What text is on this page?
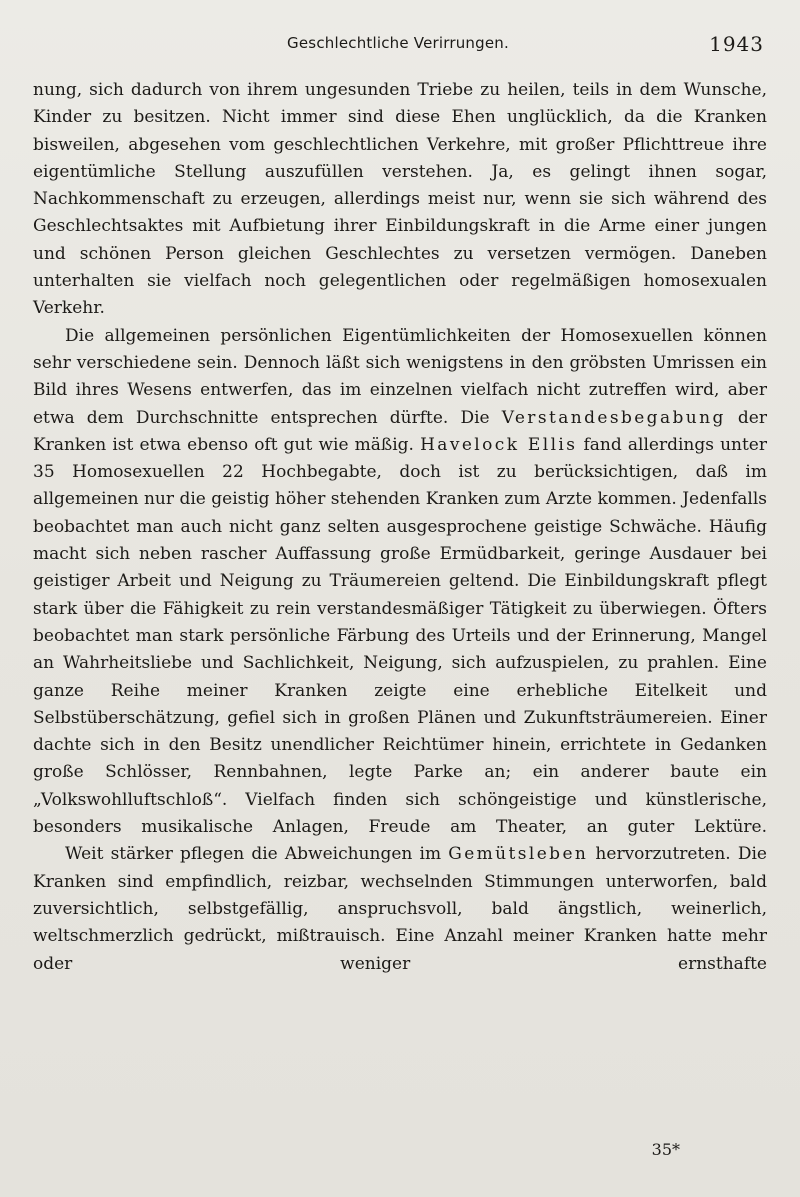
Geschlechtliche Verirrungen.	1943

nung, sich dadurch von ihrem ungesunden Triebe zu heilen, teils in dem Wunsche, Kinder zu besitzen. Nicht immer sind diese Ehen unglücklich, da die Kranken bisweilen, abgesehen vom geschlechtlichen Verkehre, mit großer Pflichttreue ihre eigentümliche Stellung auszufüllen verstehen. Ja, es gelingt ihnen sogar, Nachkommenschaft zu erzeugen, allerdings meist nur, wenn sie sich während des Geschlechtsaktes mit Aufbietung ihrer Einbildungskraft in die Arme einer jungen und schönen Person gleichen Geschlechtes zu versetzen vermögen. Daneben unterhalten sie vielfach noch gelegentlichen oder regelmäßigen homosexualen Verkehr.

Die allgemeinen persönlichen Eigentümlichkeiten der Homosexuellen können sehr verschiedene sein. Dennoch läßt sich wenigstens in den gröbsten Umrissen ein Bild ihres Wesens entwerfen, das im einzelnen vielfach nicht zutreffen wird, aber etwa dem Durchschnitte entsprechen dürfte. Die Verstandesbegabung der Kranken ist etwa ebenso oft gut wie mäßig. Havelock Ellis fand allerdings unter 35 Homosexuellen 22 Hochbegabte, doch ist zu berücksichtigen, daß im allgemeinen nur die geistig höher stehenden Kranken zum Arzte kommen. Jedenfalls beobachtet man auch nicht ganz selten ausgesprochene geistige Schwäche. Häufig macht sich neben rascher Auffassung große Ermüdbarkeit, geringe Ausdauer bei geistiger Arbeit und Neigung zu Träumereien geltend. Die Einbildungskraft pflegt stark über die Fähigkeit zu rein verstandesmäßiger Tätigkeit zu überwiegen. Öfters beobachtet man stark persönliche Färbung des Urteils und der Erinnerung, Mangel an Wahrheitsliebe und Sachlichkeit, Neigung, sich aufzuspielen, zu prahlen. Eine ganze Reihe meiner Kranken zeigte eine erhebliche Eitelkeit und Selbstüberschätzung, gefiel sich in großen Plänen und Zukunftsträumereien. Einer dachte sich in den Besitz unendlicher Reichtümer hinein, errichtete in Gedanken große Schlösser, Rennbahnen, legte Parke an; ein anderer baute ein „Volkswohlluftschloß“. Vielfach finden sich schöngeistige und künstlerische, besonders musikalische Anlagen, Freude am Theater, an guter Lektüre.

Weit stärker pflegen die Abweichungen im Gemütsleben hervorzutreten. Die Kranken sind empfindlich, reizbar, wechselnden Stimmungen unterworfen, bald zuversichtlich, selbstgefällig, anspruchsvoll, bald ängstlich, weinerlich, weltschmerzlich gedrückt, mißtrauisch. Eine Anzahl meiner Kranken hatte mehr oder weniger ernsthafte

35*
